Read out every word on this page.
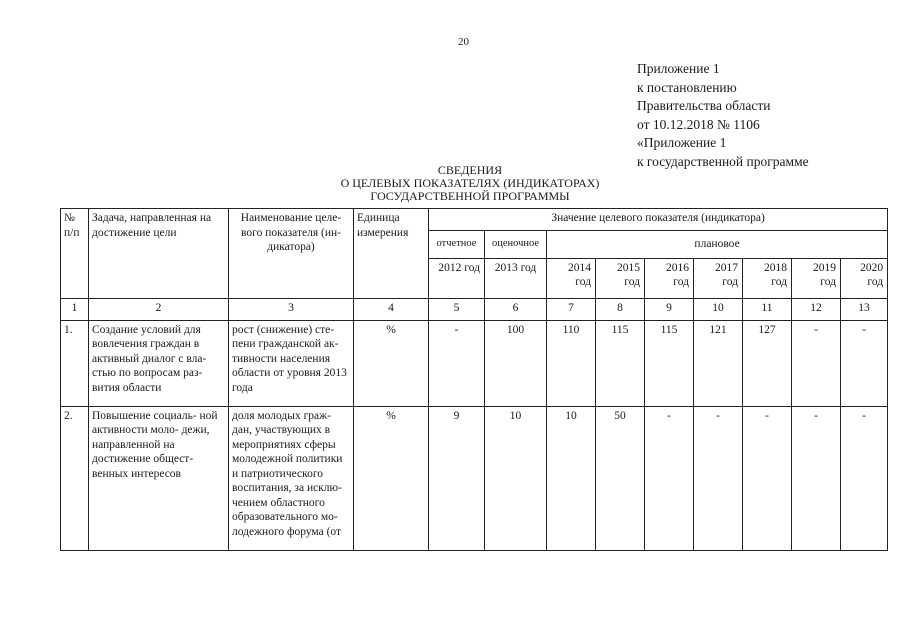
20
Приложение 1
к постановлению
Правительства области
от 10.12.2018 № 1106
«Приложение 1
к государственной программе
СВЕДЕНИЯ
О ЦЕЛЕВЫХ ПОКАЗАТЕЛЯХ (ИНДИКАТОРАХ)
ГОСУДАРСТВЕННОЙ ПРОГРАММЫ
№ п/п	Задача, направленная на достижение цели	Наименование целе- вого показателя (ин- дикатора)	Единица измерения	Значение целевого показателя (индикатора)								
				отчетное	оценочное	плановое						
				2012 год	2013 год	2014 год	2015 год	2016 год	2017 год	2018 год	2019 год	2020 год
1	2	3	4	5	6	7	8	9	10	11	12	13
1.	Создание условий для вовлечения граждан в активный диалог с вла- стью по вопросам раз- вития области	рост (снижение) сте- пени гражданской ак- тивности населения области от уровня 2013 года	%	-	100	110	115	115	121	127	-	-
2.	Повышение социаль- ной активности моло- дежи, направленной на достижение общест- венных интересов	доля молодых граж- дан, участвующих в мероприятиях сферы молодежной политики и патриотического воспитания, за исклю- чением областного образовательного мо- лодежного форума (от	%	9	10	10	50	-	-	-	-	-
